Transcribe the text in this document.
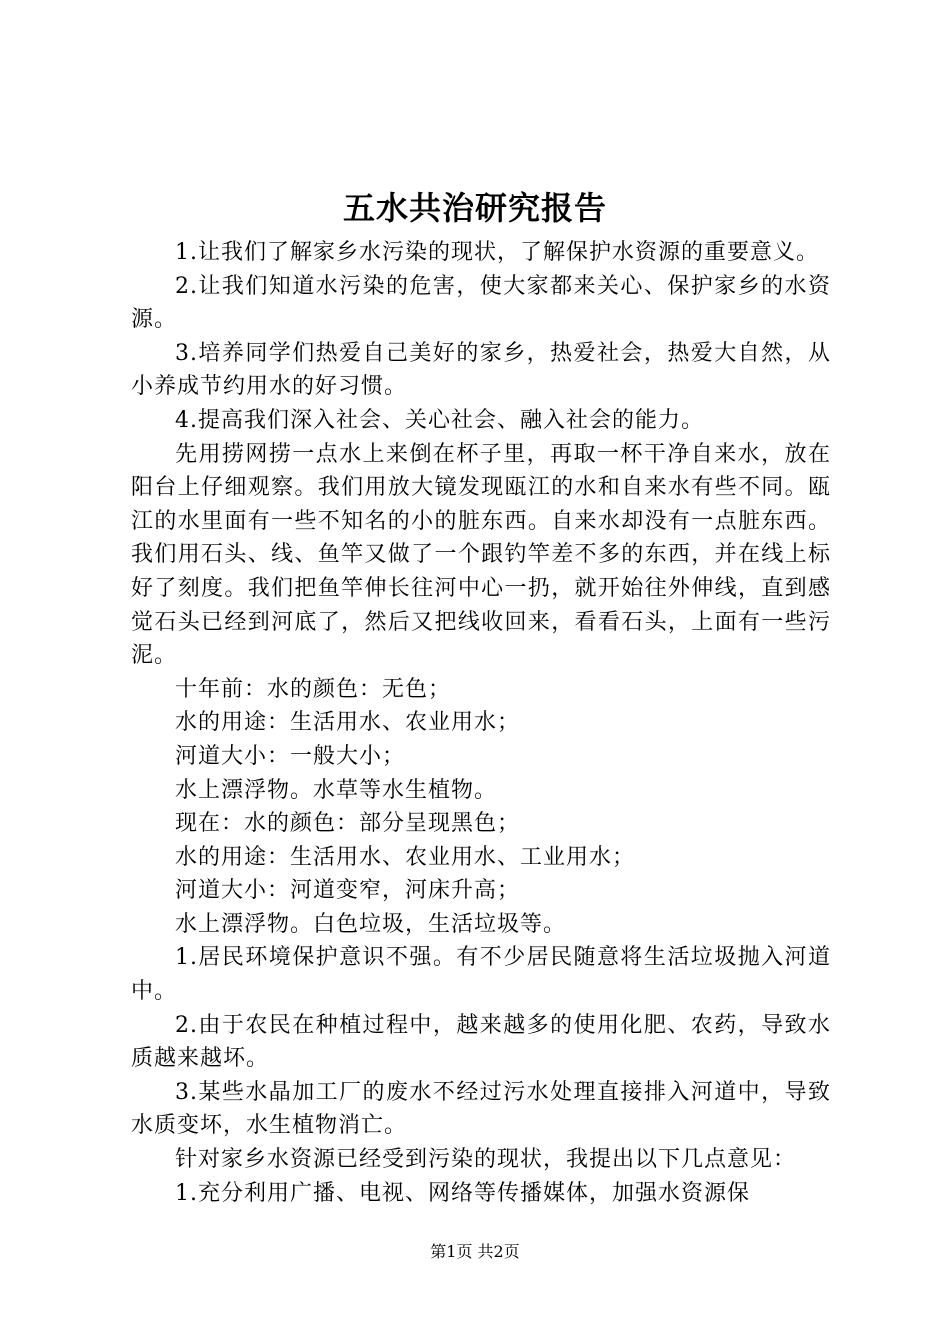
五水共治研究报告

1.让我们了解家乡水污染的现状，了解保护水资源的重要意义。

2.让我们知道水污染的危害，使大家都来关心、保护家乡的水资源。

3.培养同学们热爱自己美好的家乡，热爱社会，热爱大自然，从小养成节约用水的好习惯。

4.提高我们深入社会、关心社会、融入社会的能力。

先用捞网捞一点水上来倒在杯子里，再取一杯干净自来水，放在阳台上仔细观察。我们用放大镜发现瓯江的水和自来水有些不同。瓯江的水里面有一些不知名的小的脏东西。自来水却没有一点脏东西。我们用石头、线、鱼竿又做了一个跟钓竿差不多的东西，并在线上标好了刻度。我们把鱼竿伸长往河中心一扔，就开始往外伸线，直到感觉石头已经到河底了，然后又把线收回来，看看石头，上面有一些污泥。

十年前：水的颜色：无色；

水的用途：生活用水、农业用水；

河道大小：一般大小；

水上漂浮物。水草等水生植物。

现在：水的颜色：部分呈现黑色；

水的用途：生活用水、农业用水、工业用水；

河道大小：河道变窄，河床升高；

水上漂浮物。白色垃圾，生活垃圾等。

1.居民环境保护意识不强。有不少居民随意将生活垃圾抛入河道中。

2.由于农民在种植过程中，越来越多的使用化肥、农药，导致水质越来越坏。

3.某些水晶加工厂的废水不经过污水处理直接排入河道中，导致水质变坏，水生植物消亡。

针对家乡水资源已经受到污染的现状，我提出以下几点意见：

1.充分利用广播、电视、网络等传播媒体，加强水资源保

第1页 共2页
